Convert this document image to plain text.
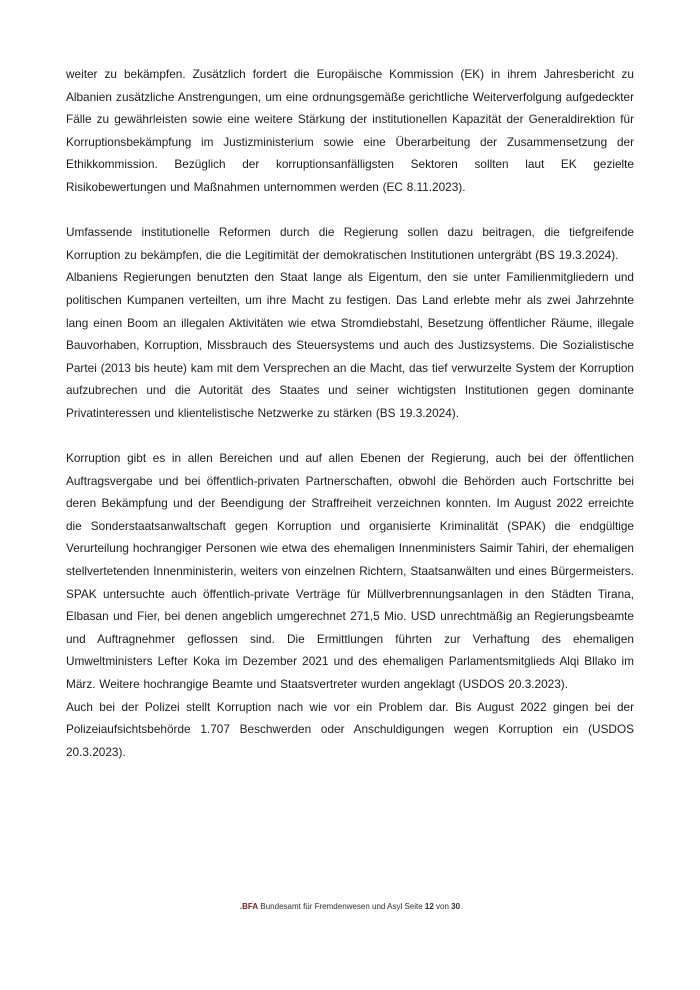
weiter zu bekämpfen. Zusätzlich fordert die Europäische Kommission (EK) in ihrem Jahresbericht zu Albanien zusätzliche Anstrengungen, um eine ordnungsgemäße gerichtliche Weiterverfolgung aufgedeckter Fälle zu gewährleisten sowie eine weitere Stärkung der institutionellen Kapazität der Generaldirektion für Korruptionsbekämpfung im Justizministerium sowie eine Überarbeitung der Zusammensetzung der Ethikkommission. Bezüglich der korruptionsanfälligsten Sektoren sollten laut EK gezielte Risikobewertungen und Maßnahmen unternommen werden (EC 8.11.2023).

Umfassende institutionelle Reformen durch die Regierung sollen dazu beitragen, die tiefgreifende Korruption zu bekämpfen, die die Legitimität der demokratischen Institutionen untergräbt (BS 19.3.2024).

Albaniens Regierungen benutzten den Staat lange als Eigentum, den sie unter Familienmitgliedern und politischen Kumpanen verteilten, um ihre Macht zu festigen. Das Land erlebte mehr als zwei Jahrzehnte lang einen Boom an illegalen Aktivitäten wie etwa Stromdiebstahl, Besetzung öffentlicher Räume, illegale Bauvorhaben, Korruption, Missbrauch des Steuersystems und auch des Justizsystems. Die Sozialistische Partei (2013 bis heute) kam mit dem Versprechen an die Macht, das tief verwurzelte System der Korruption aufzubrechen und die Autorität des Staates und seiner wichtigsten Institutionen gegen dominante Privatinteressen und klientelistische Netzwerke zu stärken (BS 19.3.2024).

Korruption gibt es in allen Bereichen und auf allen Ebenen der Regierung, auch bei der öffentlichen Auftragsvergabe und bei öffentlich-privaten Partnerschaften, obwohl die Behörden auch Fortschritte bei deren Bekämpfung und der Beendigung der Straffreiheit verzeichnen konnten. Im August 2022 erreichte die Sonderstaatsanwaltschaft gegen Korruption und organisierte Kriminalität (SPAK) die endgültige Verurteilung hochrangiger Personen wie etwa des ehemaligen Innenministers Saimir Tahiri, der ehemaligen stellvertetenden Innenministerin, weiters von einzelnen Richtern, Staatsanwälten und eines Bürgermeisters. SPAK untersuchte auch öffentlich-private Verträge für Müllverbrennungsanlagen in den Städten Tirana, Elbasan und Fier, bei denen angeblich umgerechnet 271,5 Mio. USD unrechtmäßig an Regierungsbeamte und Auftragnehmer geflossen sind. Die Ermittlungen führten zur Verhaftung des ehemaligen Umweltministers Lefter Koka im Dezember 2021 und des ehemaligen Parlamentsmitglieds Alqi Bllako im März. Weitere hochrangige Beamte und Staatsvertreter wurden angeklagt (USDOS 20.3.2023).

Auch bei der Polizei stellt Korruption nach wie vor ein Problem dar. Bis August 2022 gingen bei der Polizeiaufsichtsbehörde 1.707 Beschwerden oder Anschuldigungen wegen Korruption ein (USDOS 20.3.2023).

.BFA Bundesamt für Fremdenwesen und Asyl Seite 12 von 30
